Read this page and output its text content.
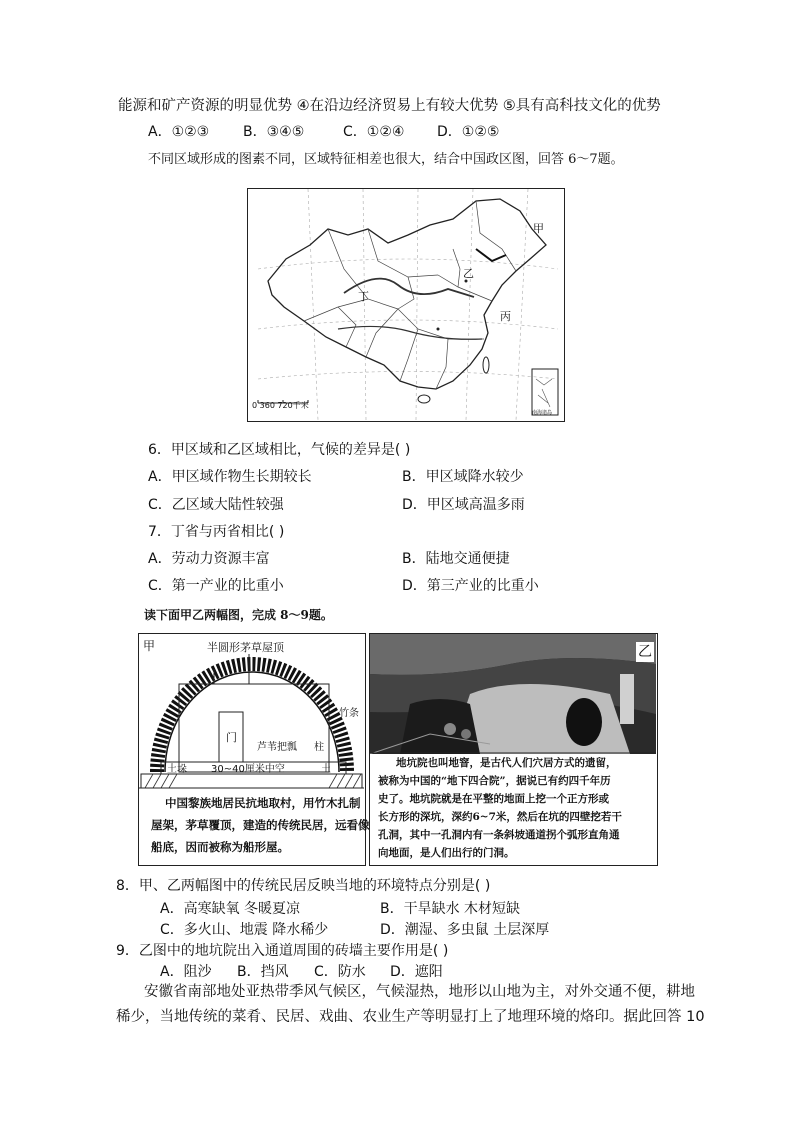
能源和矿产资源的明显优势 ④在沿边经济贸易上有较大优势 ⑤具有高科技文化的优势
A．①②③ B．③④⑤	C．①②④ D．①②⑤
不同区域形成的图素不同，区域特征相差也很大，结合中国政区图，回答 6～7题。
甲
乙
丙
丁
0 360 720千米
南海诸岛
6．甲区域和乙区域相比，气候的差异是( )
A．甲区域作物生长期较长	B．甲区域降水较少
C．乙区域大陆性较强	D．甲区域高温多雨
7．丁省与丙省相比( )
A．劳动力资源丰富	B．陆地交通便捷
C．第一产业的比重小	D．第三产业的比重小
读下面甲乙两幅图，完成 8～9题。
甲	半圆形茅草屋顶
竹条
门
芦苇把瓢 柱
30~40厘米中空
土垛	土
中国黎族地居民抗地取村，用竹木扎制
屋架，茅草覆顶，建造的传统民居，远看像
船底，因而被称为船形屋。
乙
地坑院也叫地窨，是古代人们穴居方式的遗留，
被称为中国的“地下四合院”，据说已有约四千年历
史了。地坑院就是在平整的地面上挖一个正方形或
长方形的深坑，深约6~7米，然后在坑的四壁挖若干
孔洞，其中一孔洞内有一条斜坡通道拐个弧形直角通
向地面，是人们出行的门洞。
8．甲、乙两幅图中的传统民居反映当地的环境特点分别是( )
A．高寒缺氧 冬暖夏凉	B．干旱缺水 木材短缺
C．多火山、地震 降水稀少	D．潮湿、多虫鼠 土层深厚
9．乙图中的地坑院出入通道周围的砖墙主要作用是( )
A．阻沙 B．挡风 C．防水 D．遮阳
安徽省南部地处亚热带季风气候区，气候湿热，地形以山地为主，对外交通不便，耕地
稀少，当地传统的菜肴、民居、戏曲、农业生产等明显打上了地理环境的烙印。据此回答 10
